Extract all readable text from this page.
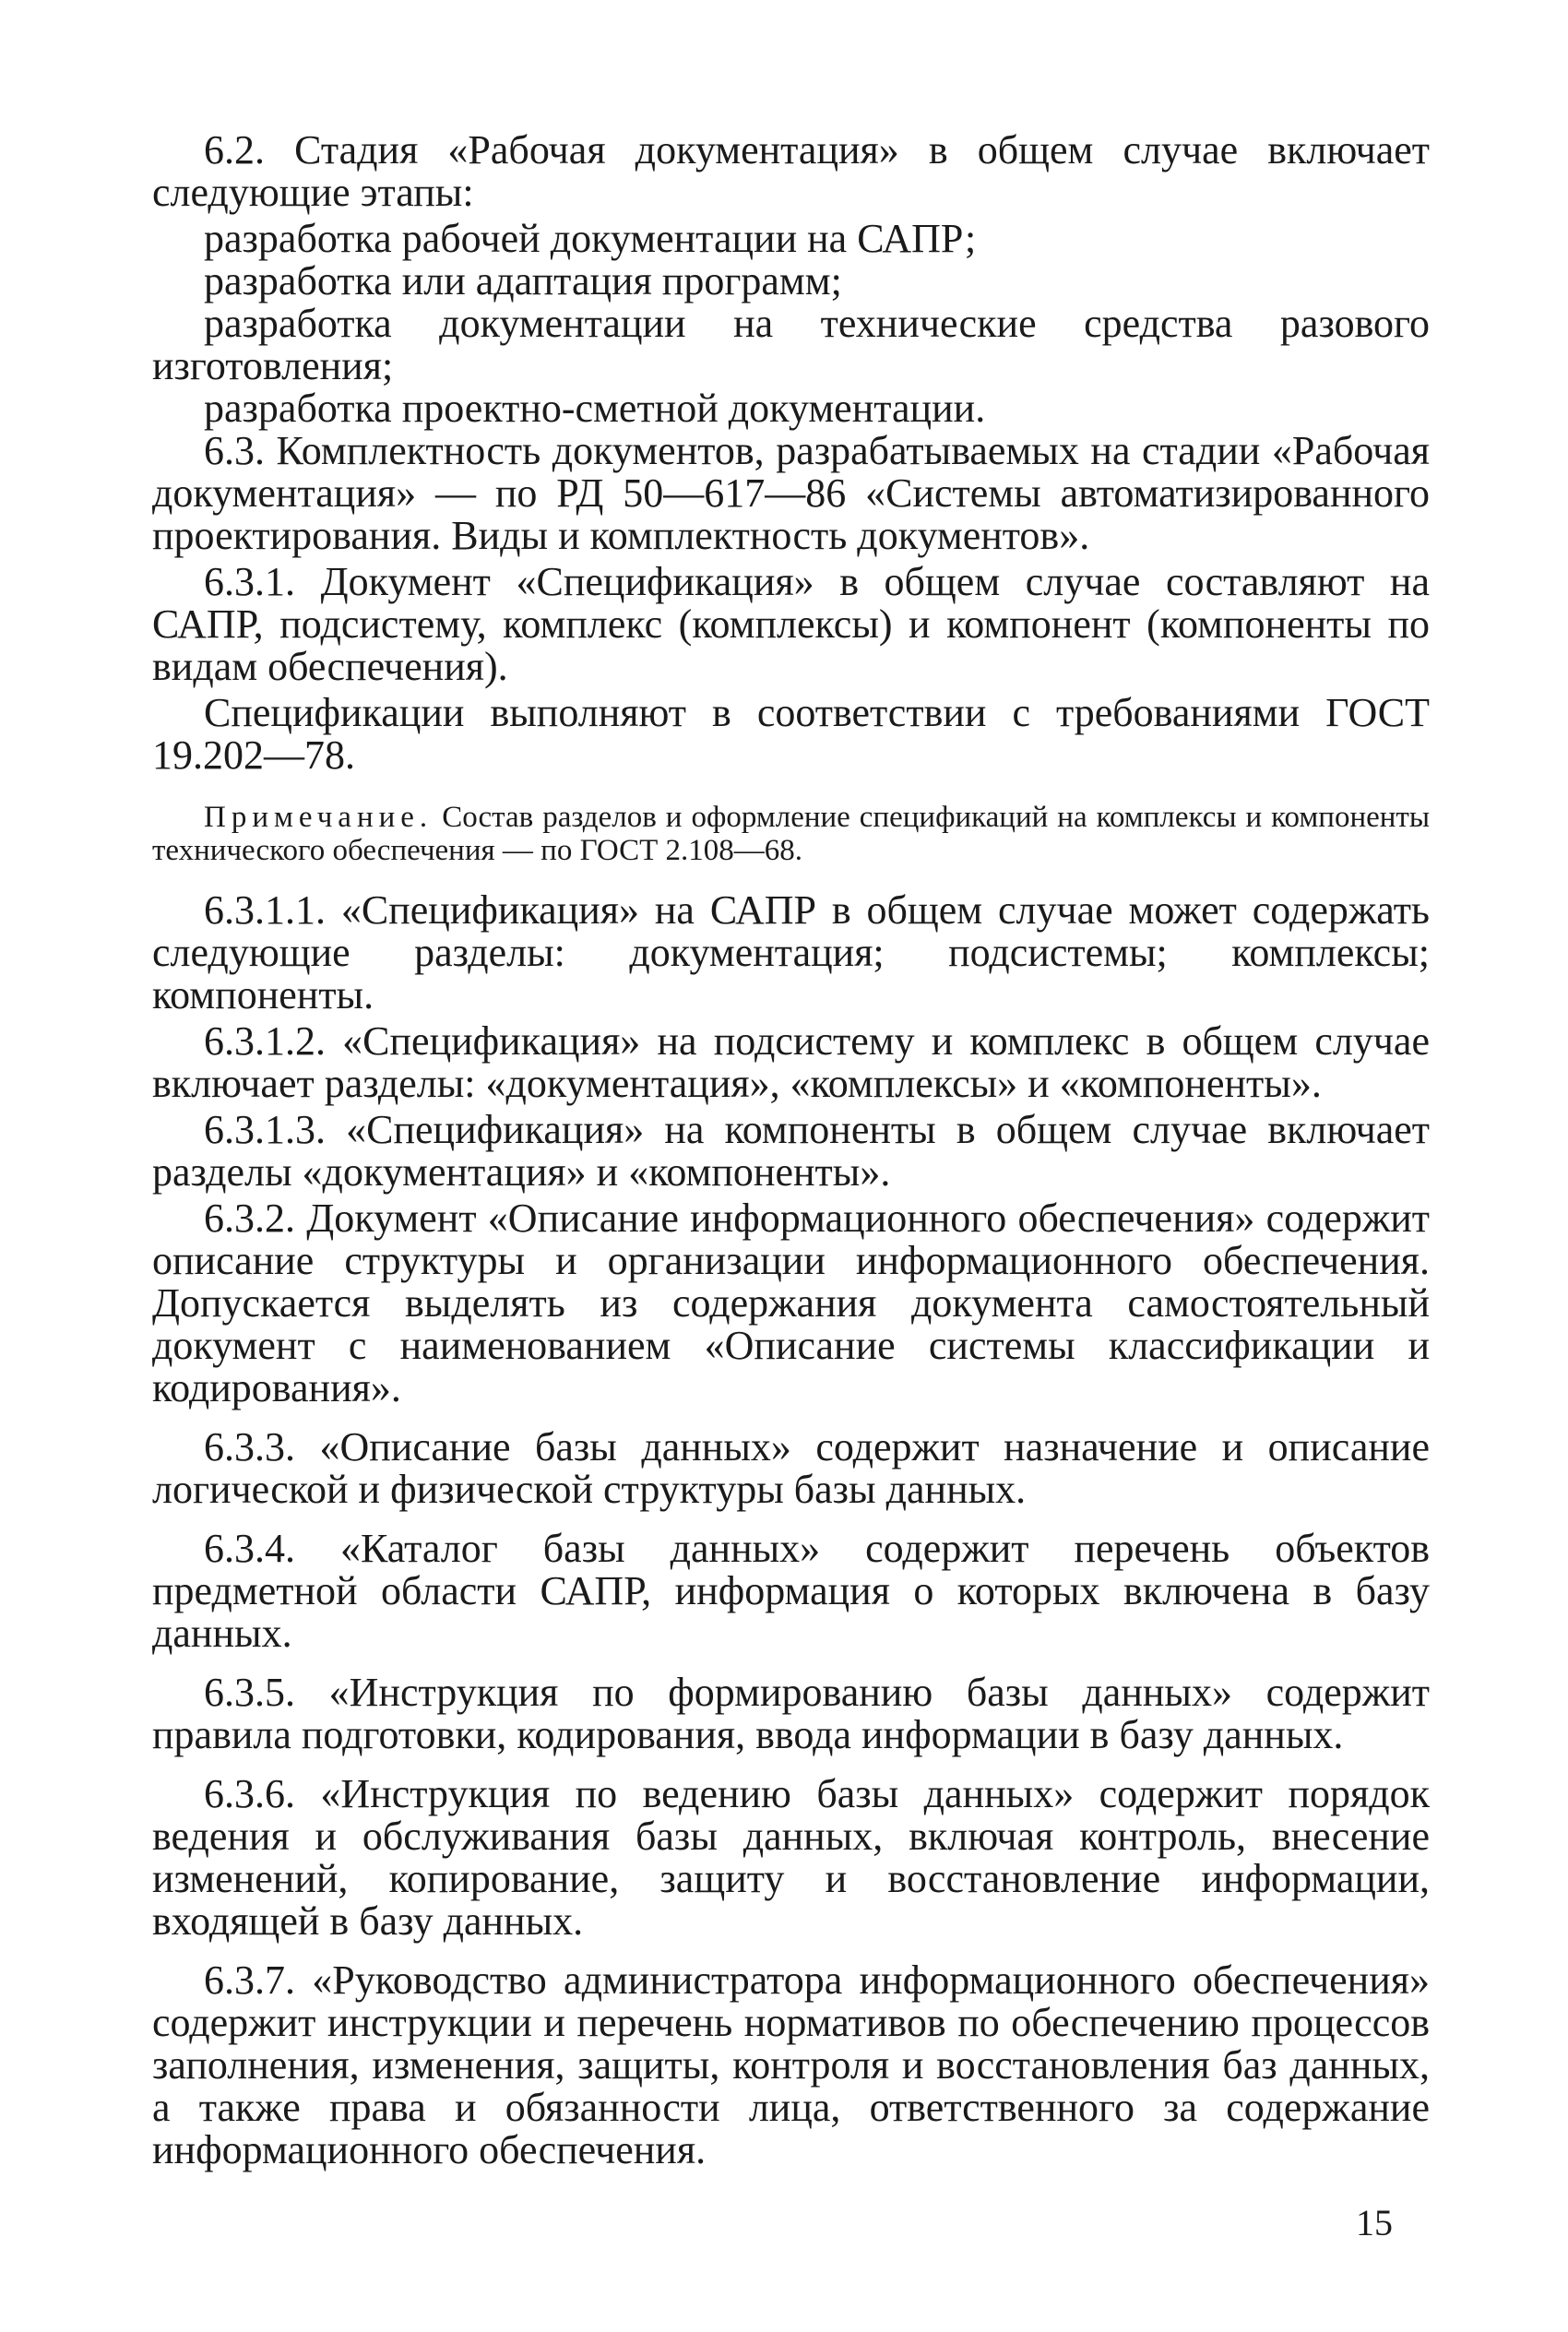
6.2. Стадия «Рабочая документация» в общем случае включает следующие этапы:

разработка рабочей документации на САПР;

разработка или адаптация программ;

разработка документации на технические средства разового изготовления;

разработка проектно-сметной документации.

6.3. Комплектность документов, разрабатываемых на стадии «Рабочая документация» — по РД 50—617—86 «Системы автоматизированного проектирования. Виды и комплектность документов».

6.3.1. Документ «Спецификация» в общем случае составляют на САПР, подсистему, комплекс (комплексы) и компонент (компоненты по видам обеспечения).

Спецификации выполняют в соответствии с требованиями ГОСТ 19.202—78.

Примечание. Состав разделов и оформление спецификаций на комплексы и компоненты технического обеспечения — по ГОСТ 2.108—68.

6.3.1.1. «Спецификация» на САПР в общем случае может содержать следующие разделы: документация; подсистемы; комплексы; компоненты.

6.3.1.2. «Спецификация» на подсистему и комплекс в общем случае включает разделы: «документация», «комплексы» и «компоненты».

6.3.1.3. «Спецификация» на компоненты в общем случае включает разделы «документация» и «компоненты».

6.3.2. Документ «Описание информационного обеспечения» содержит описание структуры и организации информационного обеспечения. Допускается выделять из содержания документа самостоятельный документ с наименованием «Описание системы классификации и кодирования».

6.3.3. «Описание базы данных» содержит назначение и описание логической и физической структуры базы данных.

6.3.4. «Каталог базы данных» содержит перечень объектов предметной области САПР, информация о которых включена в базу данных.

6.3.5. «Инструкция по формированию базы данных» содержит правила подготовки, кодирования, ввода информации в базу данных.

6.3.6. «Инструкция по ведению базы данных» содержит порядок ведения и обслуживания базы данных, включая контроль, внесение изменений, копирование, защиту и восстановление информации, входящей в базу данных.

6.3.7. «Руководство администратора информационного обеспечения» содержит инструкции и перечень нормативов по обеспечению процессов заполнения, изменения, защиты, контроля и восстановления баз данных, а также права и обязанности лица, ответственного за содержание информационного обеспечения.

15
